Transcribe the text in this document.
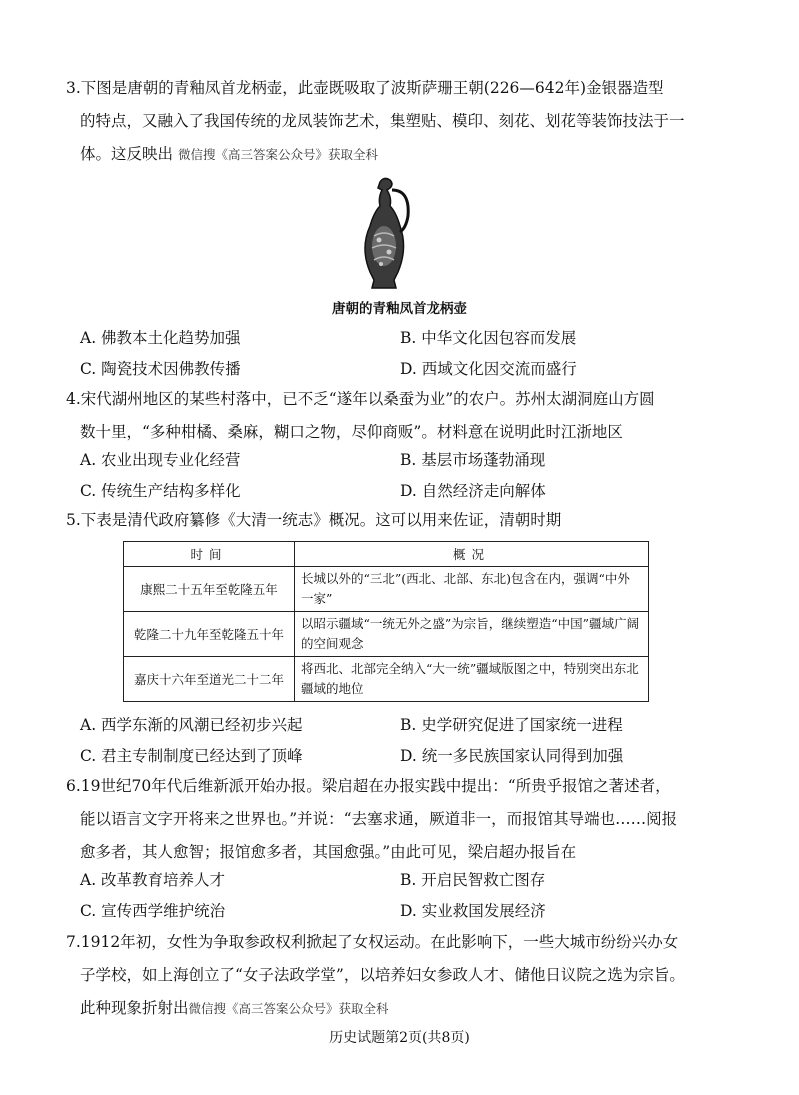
3.下图是唐朝的青釉凤首龙柄壶，此壶既吸取了波斯萨珊王朝(226—642年)金银器造型
的特点，又融入了我国传统的龙凤装饰艺术，集塑贴、模印、刻花、划花等装饰技法于一
体。这反映出 微信搜《高三答案公众号》获取全科
唐朝的青釉凤首龙柄壶
A. 佛教本土化趋势加强	B. 中华文化因包容而发展
C. 陶瓷技术因佛教传播	D. 西域文化因交流而盛行
4.宋代湖州地区的某些村落中，已不乏“遂年以桑蚕为业”的农户。苏州太湖洞庭山方圆
数十里，“多种柑橘、桑麻，糊口之物，尽仰商贩”。材料意在说明此时江浙地区
A. 农业出现专业化经营	B. 基层市场蓬勃涌现
C. 传统生产结构多样化	D. 自然经济走向解体
5.下表是清代政府纂修《大清一统志》概况。这可以用来佐证，清朝时期
时间	概况
康熙二十五年至乾隆五年	长城以外的“三北”(西北、北部、东北)包含在内，强调“中外一家”
乾隆二十九年至乾隆五十年	以昭示疆域“一统无外之盛”为宗旨，继续塑造“中国”疆域广阔的空间观念
嘉庆十六年至道光二十二年	将西北、北部完全纳入“大一统”疆域版图之中，特别突出东北疆域的地位
A. 西学东渐的风潮已经初步兴起	B. 史学研究促进了国家统一进程
C. 君主专制制度已经达到了顶峰	D. 统一多民族国家认同得到加强
6.19世纪70年代后维新派开始办报。梁启超在办报实践中提出：“所贵乎报馆之著述者，
能以语言文字开将来之世界也。”并说：“去塞求通，厥道非一，而报馆其导端也……阅报
愈多者，其人愈智；报馆愈多者，其国愈强。”由此可见，梁启超办报旨在
A. 改革教育培养人才	B. 开启民智救亡图存
C. 宣传西学维护统治	D. 实业救国发展经济
7.1912年初，女性为争取参政权利掀起了女权运动。在此影响下，一些大城市纷纷兴办女
子学校，如上海创立了“女子法政学堂”，以培养妇女参政人才、储他日议院之选为宗旨。
此种现象折射出微信搜《高三答案公众号》获取全科
历史试题第2页(共8页)
